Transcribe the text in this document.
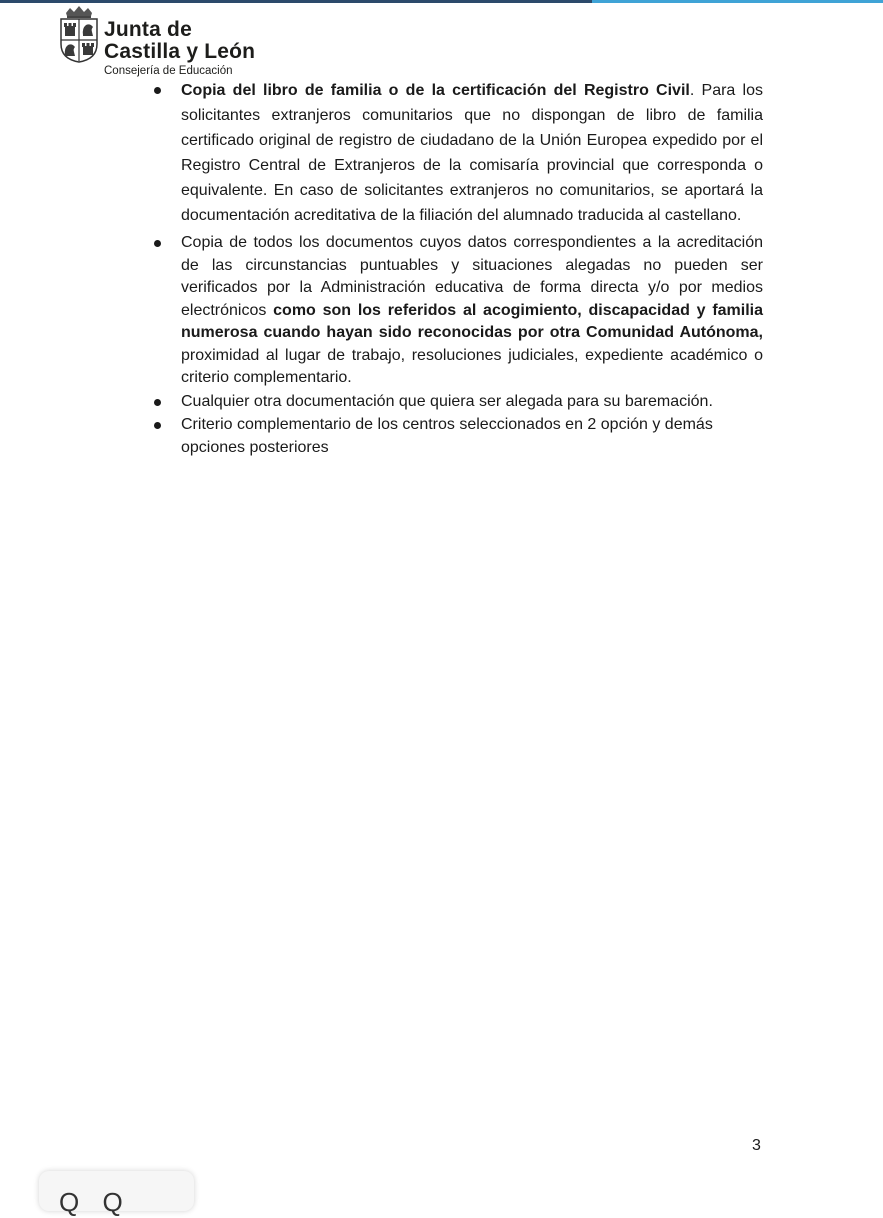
Junta de
Castilla y León
Consejería de Educación
Copia del libro de familia o de la certificación del Registro Civil. Para los solicitantes extranjeros comunitarios que no dispongan de libro de familia certificado original de registro de ciudadano de la Unión Europea expedido por el Registro Central de Extranjeros de la comisaría provincial que corresponda o equivalente. En caso de solicitantes extranjeros no comunitarios, se aportará la documentación acreditativa de la filiación del alumnado traducida al castellano.
Copia de todos los documentos cuyos datos correspondientes a la acreditación de las circunstancias puntuables y situaciones alegadas no pueden ser verificados por la Administración educativa de forma directa y/o por medios electrónicos como son los referidos al acogimiento, discapacidad y familia numerosa cuando hayan sido reconocidas por otra Comunidad Autónoma, proximidad al lugar de trabajo, resoluciones judiciales, expediente académico o criterio complementario.
Cualquier otra documentación que quiera ser alegada para su baremación.
Criterio complementario de los centros seleccionados en 2 opción y demás opciones posteriores
3
Q Q
